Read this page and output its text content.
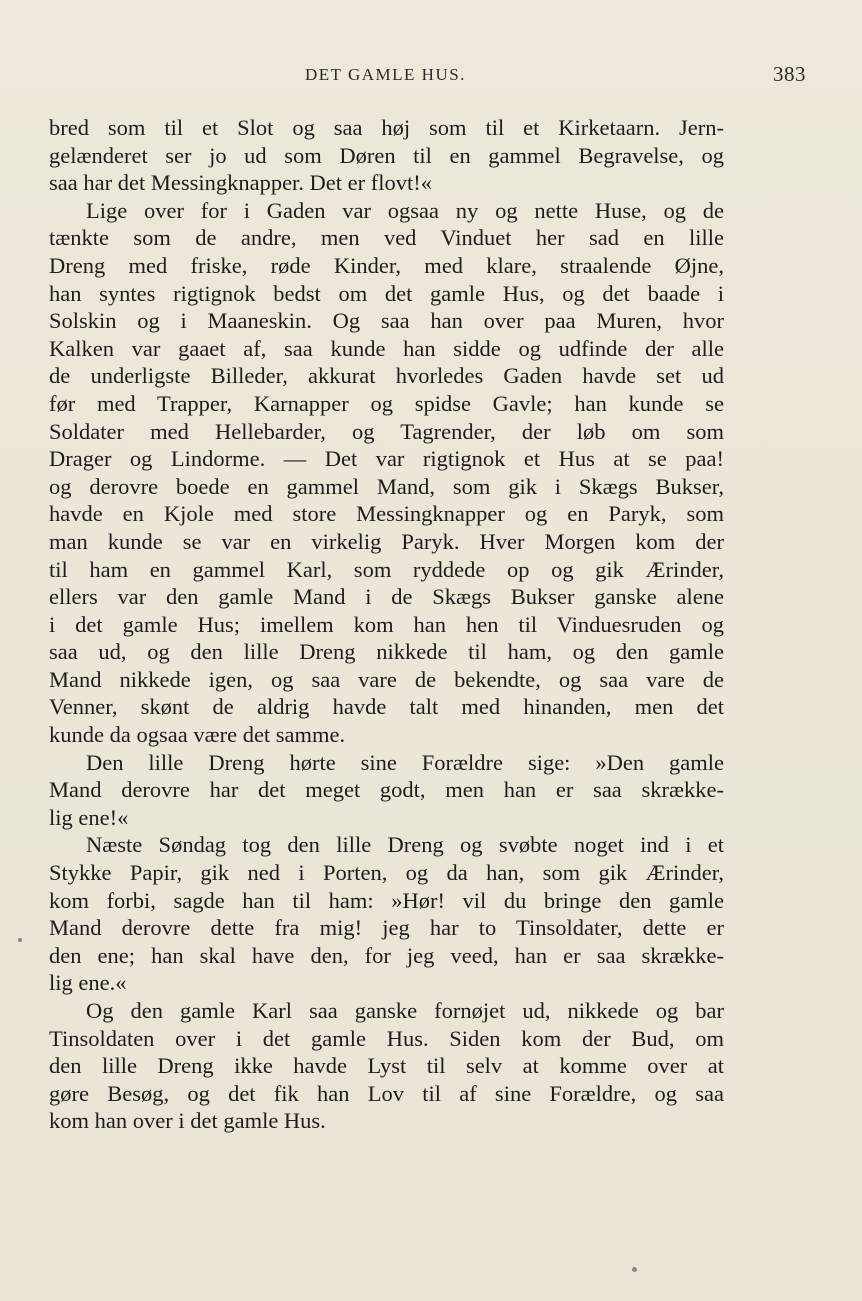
DET GAMLE HUS.	383

bred som til et Slot og saa høj som til et Kirketaarn. Jern-
gelænderet ser jo ud som Døren til en gammel Begravelse, og
saa har det Messingknapper. Det er flovt!«

Lige over for i Gaden var ogsaa ny og nette Huse, og de
tænkte som de andre, men ved Vinduet her sad en lille
Dreng med friske, røde Kinder, med klare, straalende Øjne,
han syntes rigtignok bedst om det gamle Hus, og det baade i
Solskin og i Maaneskin. Og saa han over paa Muren, hvor
Kalken var gaaet af, saa kunde han sidde og udfinde der alle
de underligste Billeder, akkurat hvorledes Gaden havde set ud
før med Trapper, Karnapper og spidse Gavle; han kunde se
Soldater med Hellebarder, og Tagrender, der løb om som
Drager og Lindorme. — Det var rigtignok et Hus at se paa!
og derovre boede en gammel Mand, som gik i Skægs Bukser,
havde en Kjole med store Messingknapper og en Paryk, som
man kunde se var en virkelig Paryk. Hver Morgen kom der
til ham en gammel Karl, som ryddede op og gik Ærinder,
ellers var den gamle Mand i de Skægs Bukser ganske alene
i det gamle Hus; imellem kom han hen til Vinduesruden og
saa ud, og den lille Dreng nikkede til ham, og den gamle
Mand nikkede igen, og saa vare de bekendte, og saa vare de
Venner, skønt de aldrig havde talt med hinanden, men det
kunde da ogsaa være det samme.

Den lille Dreng hørte sine Forældre sige: »Den gamle
Mand derovre har det meget godt, men han er saa skrække-
lig ene!«

Næste Søndag tog den lille Dreng og svøbte noget ind i et
Stykke Papir, gik ned i Porten, og da han, som gik Ærinder,
kom forbi, sagde han til ham: »Hør! vil du bringe den gamle
Mand derovre dette fra mig! jeg har to Tinsoldater, dette er
den ene; han skal have den, for jeg veed, han er saa skrække-
lig ene.«

Og den gamle Karl saa ganske fornøjet ud, nikkede og bar
Tinsoldaten over i det gamle Hus. Siden kom der Bud, om
den lille Dreng ikke havde Lyst til selv at komme over at
gøre Besøg, og det fik han Lov til af sine Forældre, og saa
kom han over i det gamle Hus.
